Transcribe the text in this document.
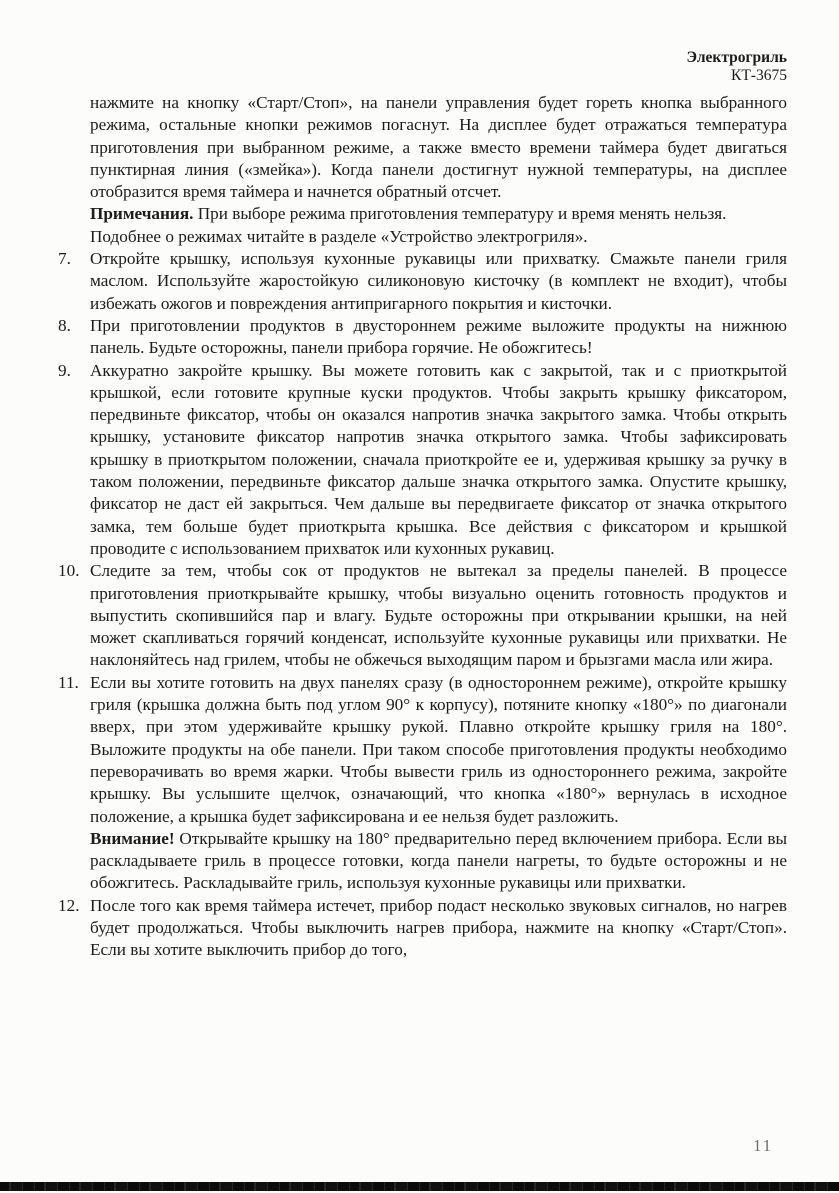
Электрогриль
КТ-3675

нажмите на кнопку «Старт/Стоп», на панели управления будет гореть кнопка выбранного режима, остальные кнопки режимов погаснут. На дисплее будет отражаться температура приготовления при выбранном режиме, а также вместо времени таймера будет двигаться пунктирная линия («змейка»). Когда панели достигнут нужной температуры, на дисплее отобразится время таймера и начнется обратный отсчет.

Примечания. При выборе режима приготовления температуру и время менять нельзя.

Подобнее о режимах читайте в разделе «Устройство электрогриля».

7.	Откройте крышку, используя кухонные рукавицы или прихватку. Смажьте панели гриля маслом. Используйте жаростойкую силиконовую кисточку (в комплект не входит), чтобы избежать ожогов и повреждения антипригарного покрытия и кисточки.

8.	При приготовлении продуктов в двустороннем режиме выложите продукты на нижнюю панель. Будьте осторожны, панели прибора горячие. Не обожгитесь!

9.	Аккуратно закройте крышку. Вы можете готовить как с закрытой, так и с приоткрытой крышкой, если готовите крупные куски продуктов. Чтобы закрыть крышку фиксатором, передвиньте фиксатор, чтобы он оказался напротив значка закрытого замка. Чтобы открыть крышку, установите фиксатор напротив значка открытого замка. Чтобы зафиксировать крышку в приоткрытом положении, сначала приоткройте ее и, удерживая крышку за ручку в таком положении, передвиньте фиксатор дальше значка открытого замка. Опустите крышку, фиксатор не даст ей закрыться. Чем дальше вы передвигаете фиксатор от значка открытого замка, тем больше будет приоткрыта крышка. Все действия с фиксатором и крышкой проводите с использованием прихваток или кухонных рукавиц.

10. Следите за тем, чтобы сок от продуктов не вытекал за пределы панелей. В процессе приготовления приоткрывайте крышку, чтобы визуально оценить готовность продуктов и выпустить скопившийся пар и влагу. Будьте осторожны при открывании крышки, на ней может скапливаться горячий конденсат, используйте кухонные рукавицы или прихватки. Не наклоняйтесь над грилем, чтобы не обжечься выходящим паром и брызгами масла или жира.

11. Если вы хотите готовить на двух панелях сразу (в одностороннем режиме), откройте крышку гриля (крышка должна быть под углом 90° к корпусу), потяните кнопку «180°» по диагонали вверх, при этом удерживайте крышку рукой. Плавно откройте крышку гриля на 180°. Выложите продукты на обе панели. При таком способе приготовления продукты необходимо переворачивать во время жарки. Чтобы вывести гриль из одностороннего режима, закройте крышку. Вы услышите щелчок, означающий, что кнопка «180°» вернулась в исходное положение, а крышка будет зафиксирована и ее нельзя будет разложить.

Внимание! Открывайте крышку на 180° предварительно перед включением прибора. Если вы раскладываете гриль в процессе готовки, когда панели нагреты, то будьте осторожны и не обожгитесь. Раскладывайте гриль, используя кухонные рукавицы или прихватки.

12. После того как время таймера истечет, прибор подаст несколько звуковых сигналов, но нагрев будет продолжаться. Чтобы выключить нагрев прибора, нажмите на кнопку «Старт/Стоп». Если вы хотите выключить прибор до того,

11
